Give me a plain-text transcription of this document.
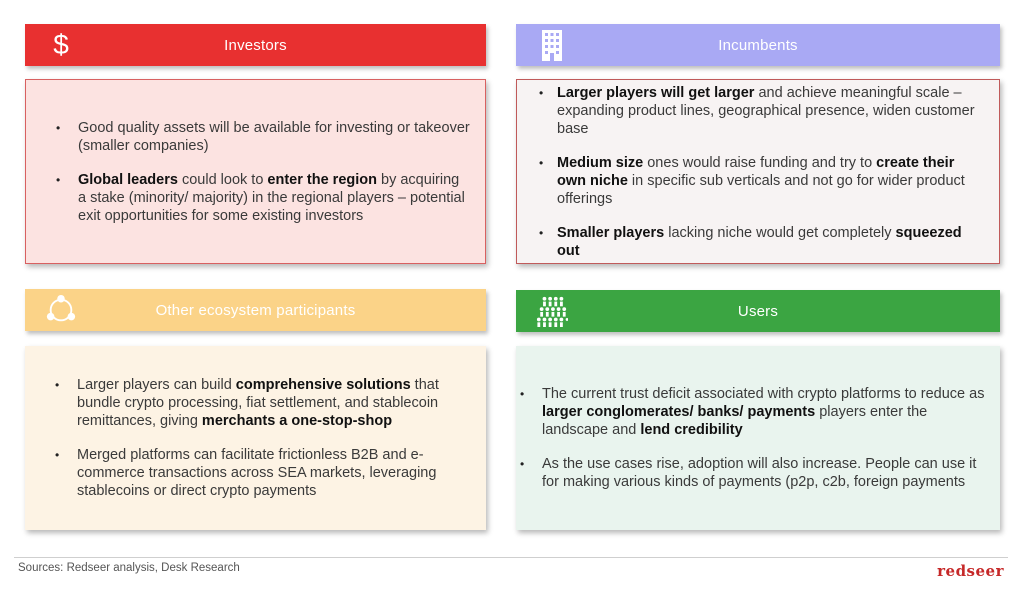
$	Investors
• Good quality assets will be available for investing or takeover (smaller companies)
• Global leaders could look to enter the region by acquiring a stake (minority/ majority) in the regional players – potential exit opportunities for some existing investors
Incumbents
• Larger players will get larger and achieve meaningful scale – expanding product lines, geographical presence, widen customer base
• Medium size ones would raise funding and try to create their own niche in specific sub verticals and not go for wider product offerings
• Smaller players lacking niche would get completely squeezed out
Other ecosystem participants
• Larger players can build comprehensive solutions that bundle crypto processing, fiat settlement, and stablecoin remittances, giving merchants a one-stop-shop
• Merged platforms can facilitate frictionless B2B and e-commerce transactions across SEA markets, leveraging stablecoins or direct crypto payments
Users
• The current trust deficit associated with crypto platforms to reduce as larger conglomerates/ banks/ payments players enter the landscape and lend credibility
• As the use cases rise, adoption will also increase. People can use it for making various kinds of payments (p2p, c2b, foreign payments
Sources: Redseer analysis, Desk Research	redseer
